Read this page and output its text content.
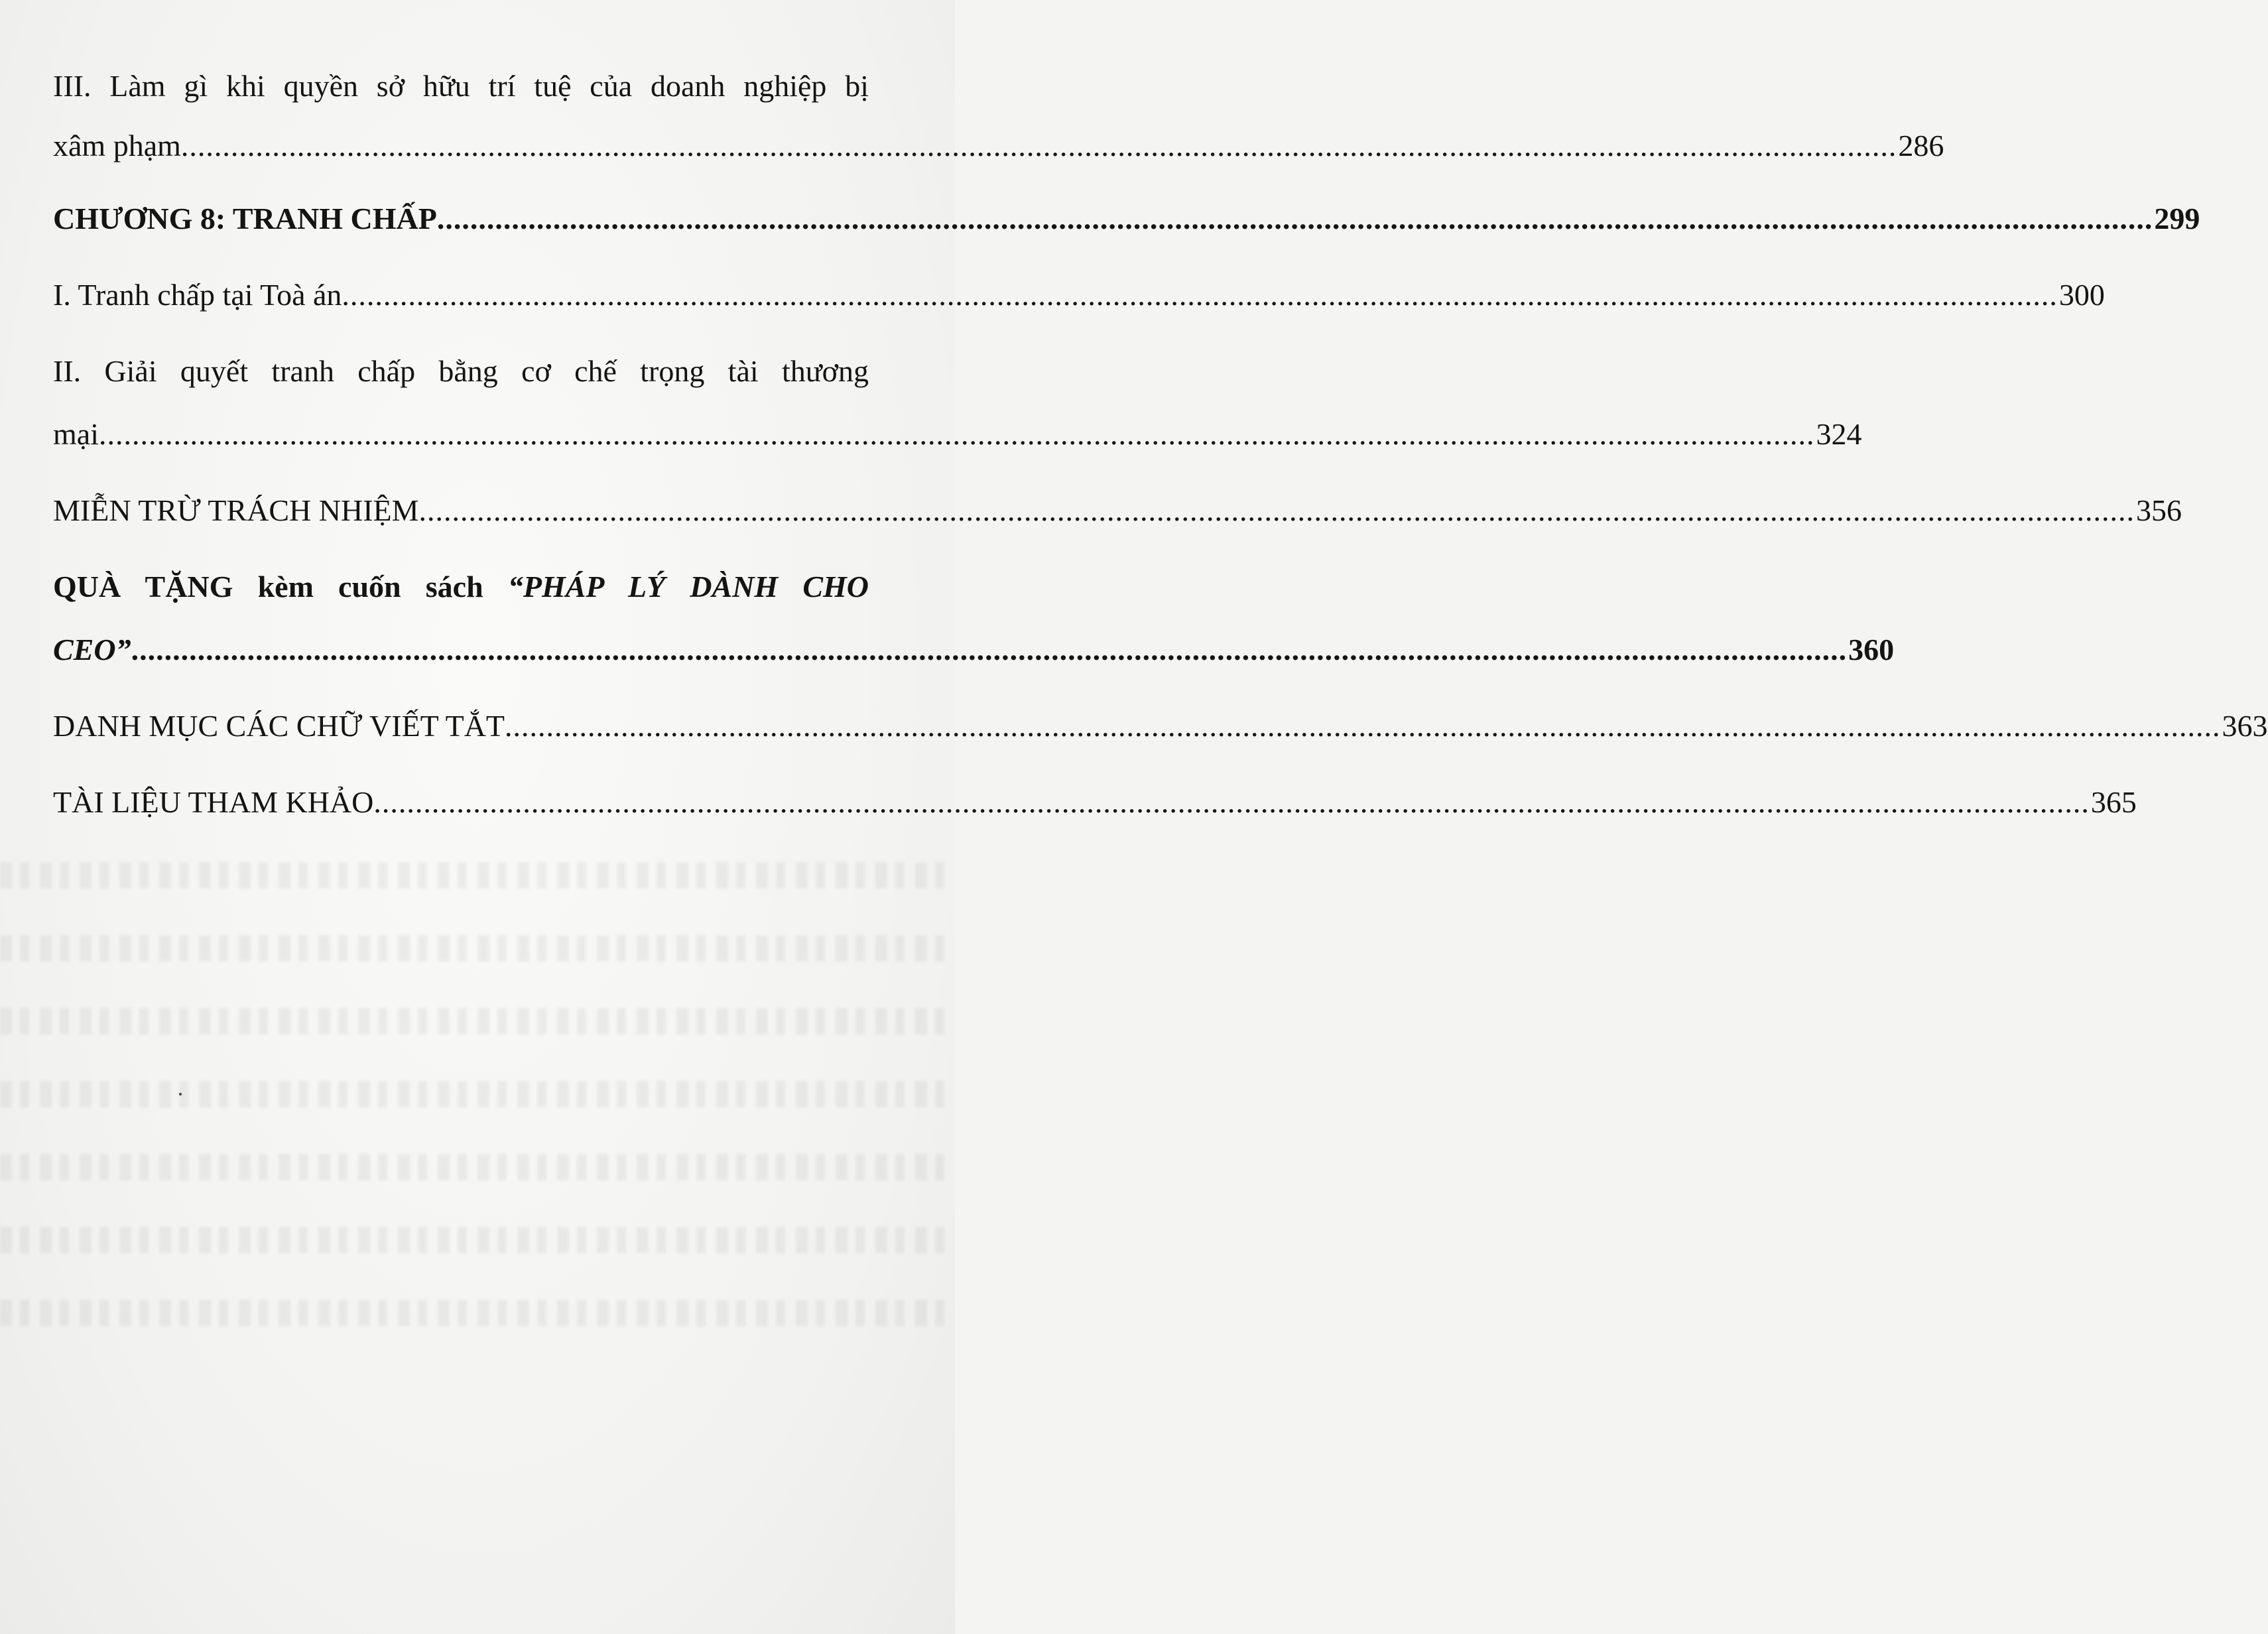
III. Làm gì khi quyền sở hữu trí tuệ của doanh nghiệp bị
xâm phạm ............................................................................................................................................................................................................... 286
CHƯƠNG 8: TRANH CHẤP ............................................................................................................................................................................................................... 299
I. Tranh chấp tại Toà án ............................................................................................................................................................................................................... 300
II. Giải quyết tranh chấp bằng cơ chế trọng tài thương
mại ............................................................................................................................................................................................................... 324
MIỄN TRỪ TRÁCH NHIỆM ............................................................................................................................................................................................................... 356
QUÀ TẶNG kèm cuốn sách “PHÁP LÝ DÀNH CHO
CEO” ............................................................................................................................................................................................................... 360
DANH MỤC CÁC CHỮ VIẾT TẮT ............................................................................................................................................................................................................... 363
TÀI LIỆU THAM KHẢO ............................................................................................................................................................................................................... 365
